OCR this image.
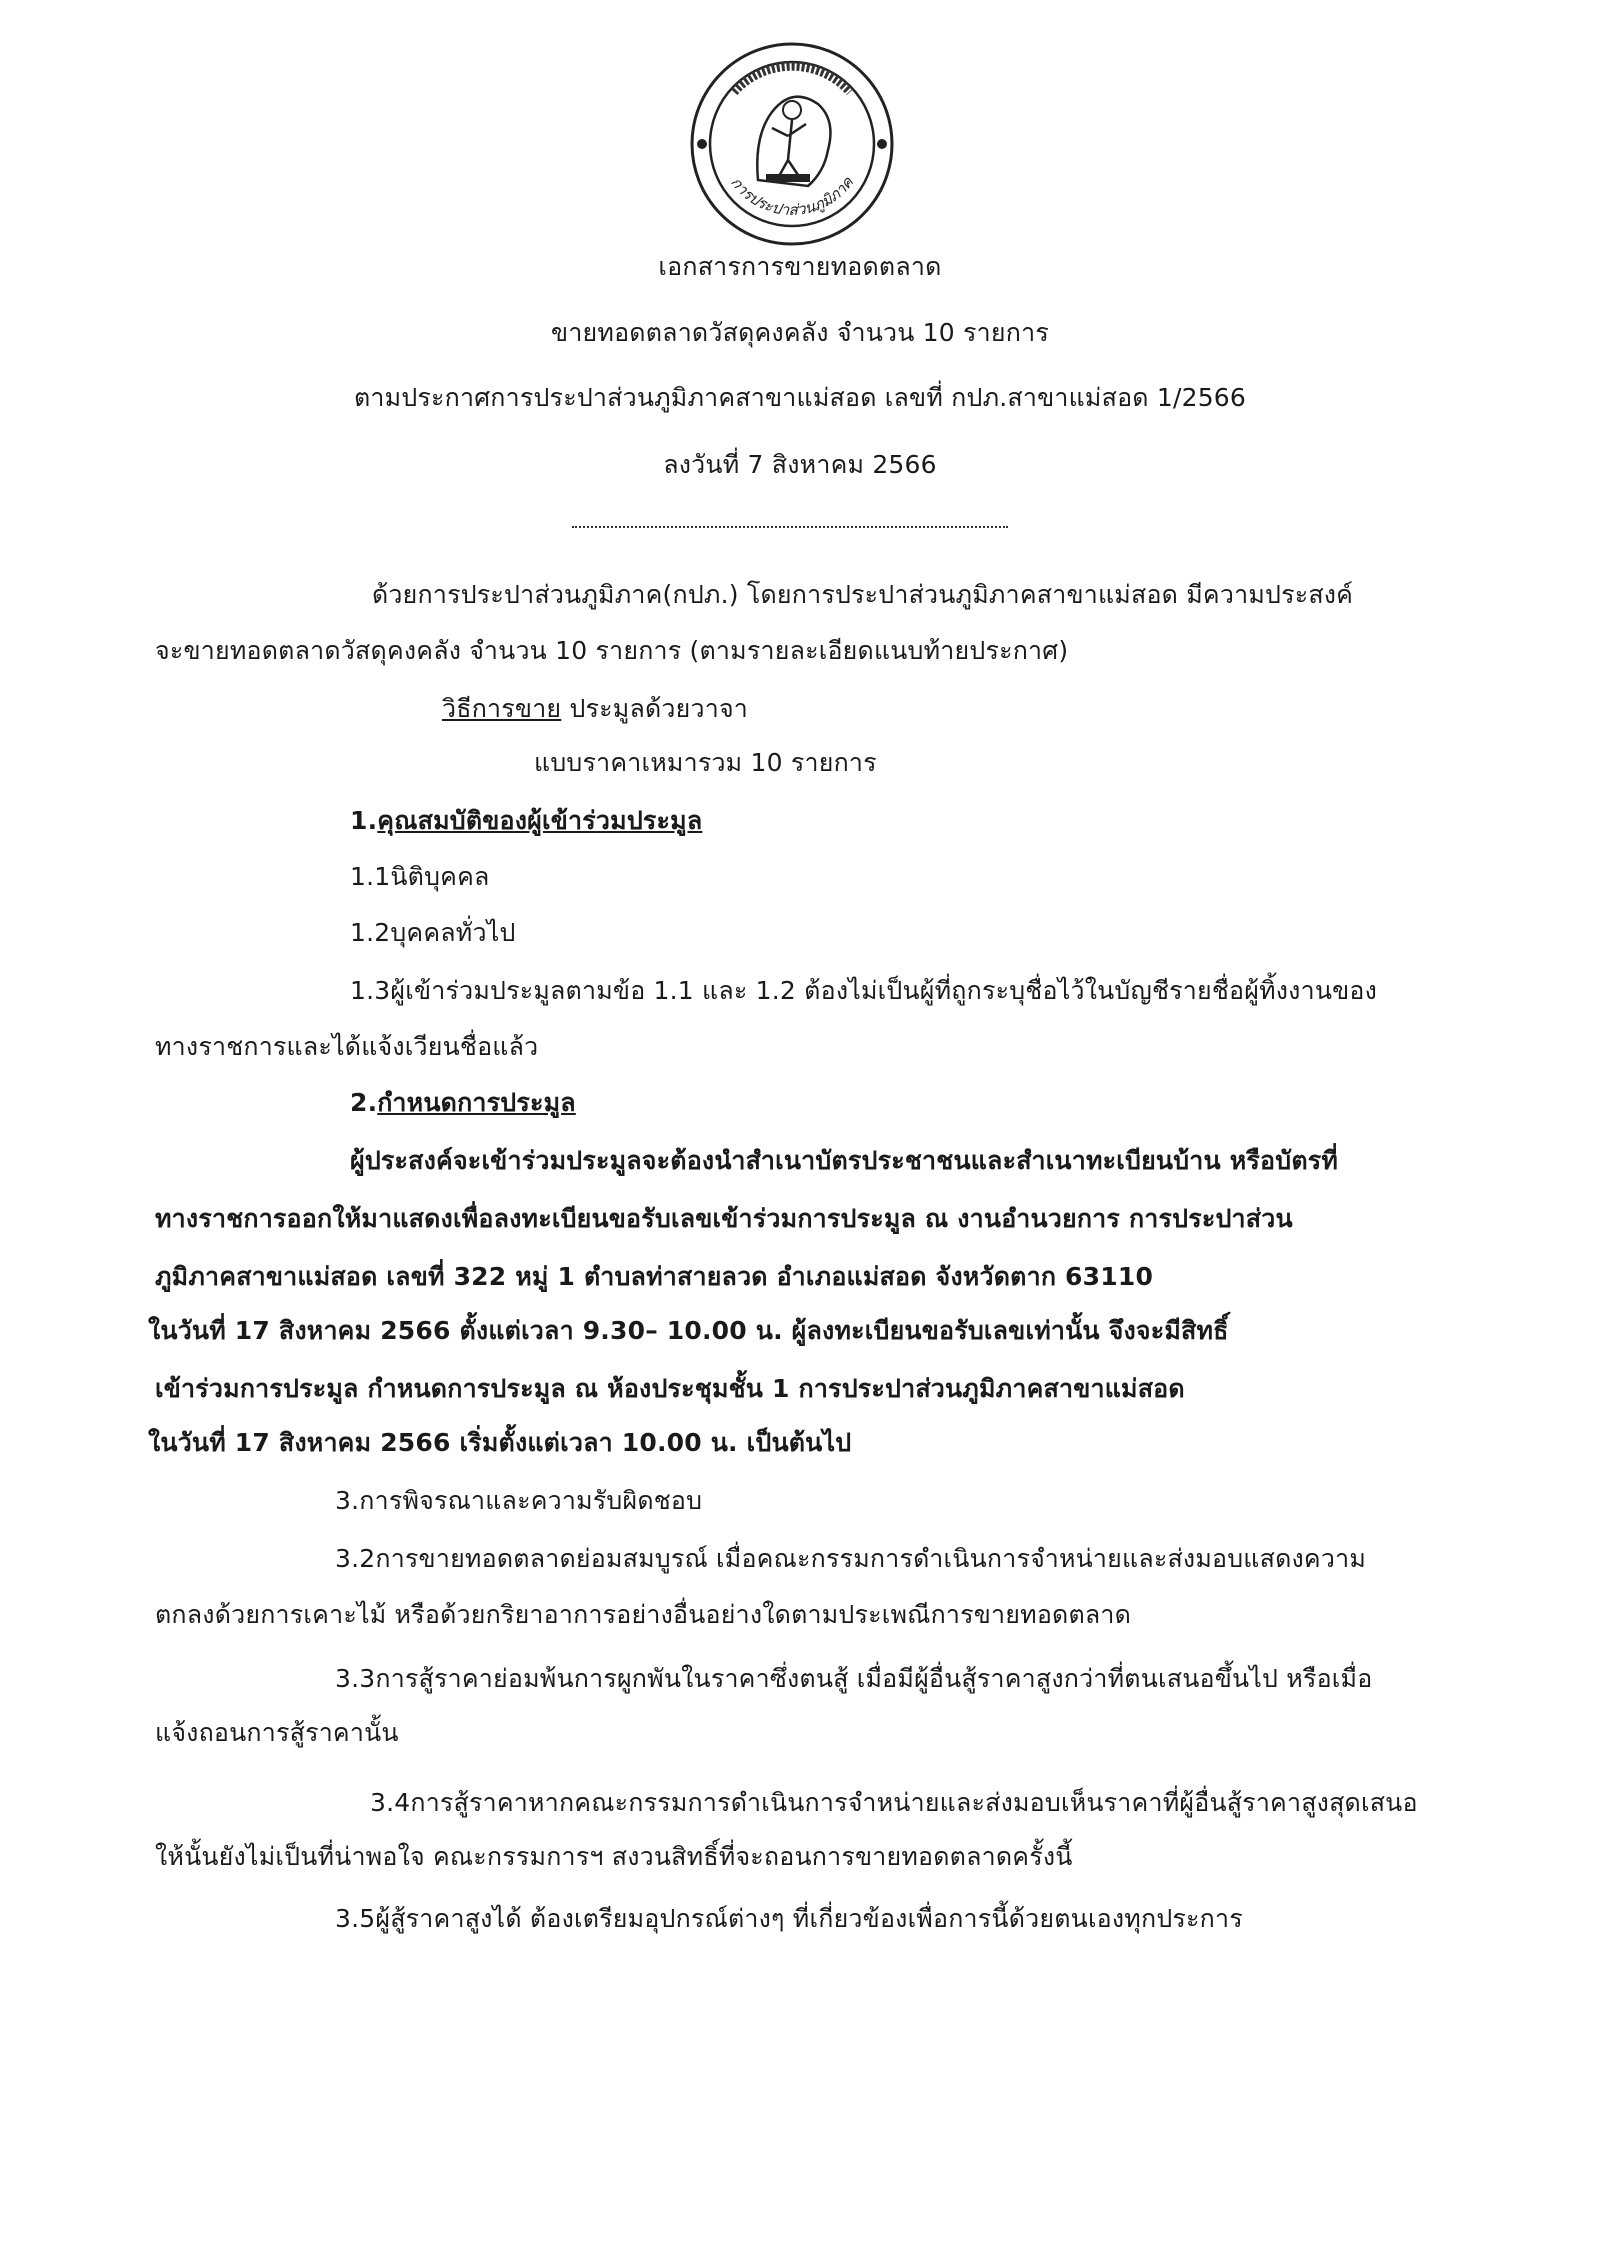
การประปาส่วนภูมิภาค
เอกสารการขายทอดตลาด
ขายทอดตลาดวัสดุคงคลัง จำนวน 10 รายการ
ตามประกาศการประปาส่วนภูมิภาคสาขาแม่สอด เลขที่ กปภ.สาขาแม่สอด 1/2566
ลงวันที่ 7 สิงหาคม 2566
ด้วยการประปาส่วนภูมิภาค(กปภ.) โดยการประปาส่วนภูมิภาคสาขาแม่สอด มีความประสงค์
จะขายทอดตลาดวัสดุคงคลัง จำนวน 10 รายการ (ตามรายละเอียดแนบท้ายประกาศ)
วิธีการขาย ประมูลด้วยวาจา
แบบราคาเหมารวม 10 รายการ
1.คุณสมบัติของผู้เข้าร่วมประมูล
1.1นิติบุคคล
1.2บุคคลทั่วไป
1.3ผู้เข้าร่วมประมูลตามข้อ 1.1 และ 1.2 ต้องไม่เป็นผู้ที่ถูกระบุชื่อไว้ในบัญชีรายชื่อผู้ทิ้งงานของ
ทางราชการและได้แจ้งเวียนชื่อแล้ว
2.กำหนดการประมูล
ผู้ประสงค์จะเข้าร่วมประมูลจะต้องนำสำเนาบัตรประชาชนและสำเนาทะเบียนบ้าน หรือบัตรที่
ทางราชการออกให้มาแสดงเพื่อลงทะเบียนขอรับเลขเข้าร่วมการประมูล ณ งานอำนวยการ การประปาส่วน
ภูมิภาคสาขาแม่สอด เลขที่ 322 หมู่ 1 ตำบลท่าสายลวด อำเภอแม่สอด จังหวัดตาก 63110
ในวันที่ 17 สิงหาคม 2566 ตั้งแต่เวลา 9.30– 10.00 น. ผู้ลงทะเบียนขอรับเลขเท่านั้น จึงจะมีสิทธิ์
เข้าร่วมการประมูล กำหนดการประมูล ณ ห้องประชุมชั้น 1 การประปาส่วนภูมิภาคสาขาแม่สอด
ในวันที่ 17 สิงหาคม 2566 เริ่มตั้งแต่เวลา 10.00 น. เป็นต้นไป
3.การพิจรณาและความรับผิดชอบ
3.2การขายทอดตลาดย่อมสมบูรณ์ เมื่อคณะกรรมการดำเนินการจำหน่ายและส่งมอบแสดงความ
ตกลงด้วยการเคาะไม้ หรือด้วยกริยาอาการอย่างอื่นอย่างใดตามประเพณีการขายทอดตลาด
3.3การสู้ราคาย่อมพ้นการผูกพันในราคาซึ่งตนสู้ เมื่อมีผู้อื่นสู้ราคาสูงกว่าที่ตนเสนอขึ้นไป หรือเมื่อ
แจ้งถอนการสู้ราคานั้น
3.4การสู้ราคาหากคณะกรรมการดำเนินการจำหน่ายและส่งมอบเห็นราคาที่ผู้อื่นสู้ราคาสูงสุดเสนอ
ให้นั้นยังไม่เป็นที่น่าพอใจ คณะกรรมการฯ สงวนสิทธิ์ที่จะถอนการขายทอดตลาดครั้งนี้
3.5ผู้สู้ราคาสูงได้ ต้องเตรียมอุปกรณ์ต่างๆ ที่เกี่ยวข้องเพื่อการนี้ด้วยตนเองทุกประการ
